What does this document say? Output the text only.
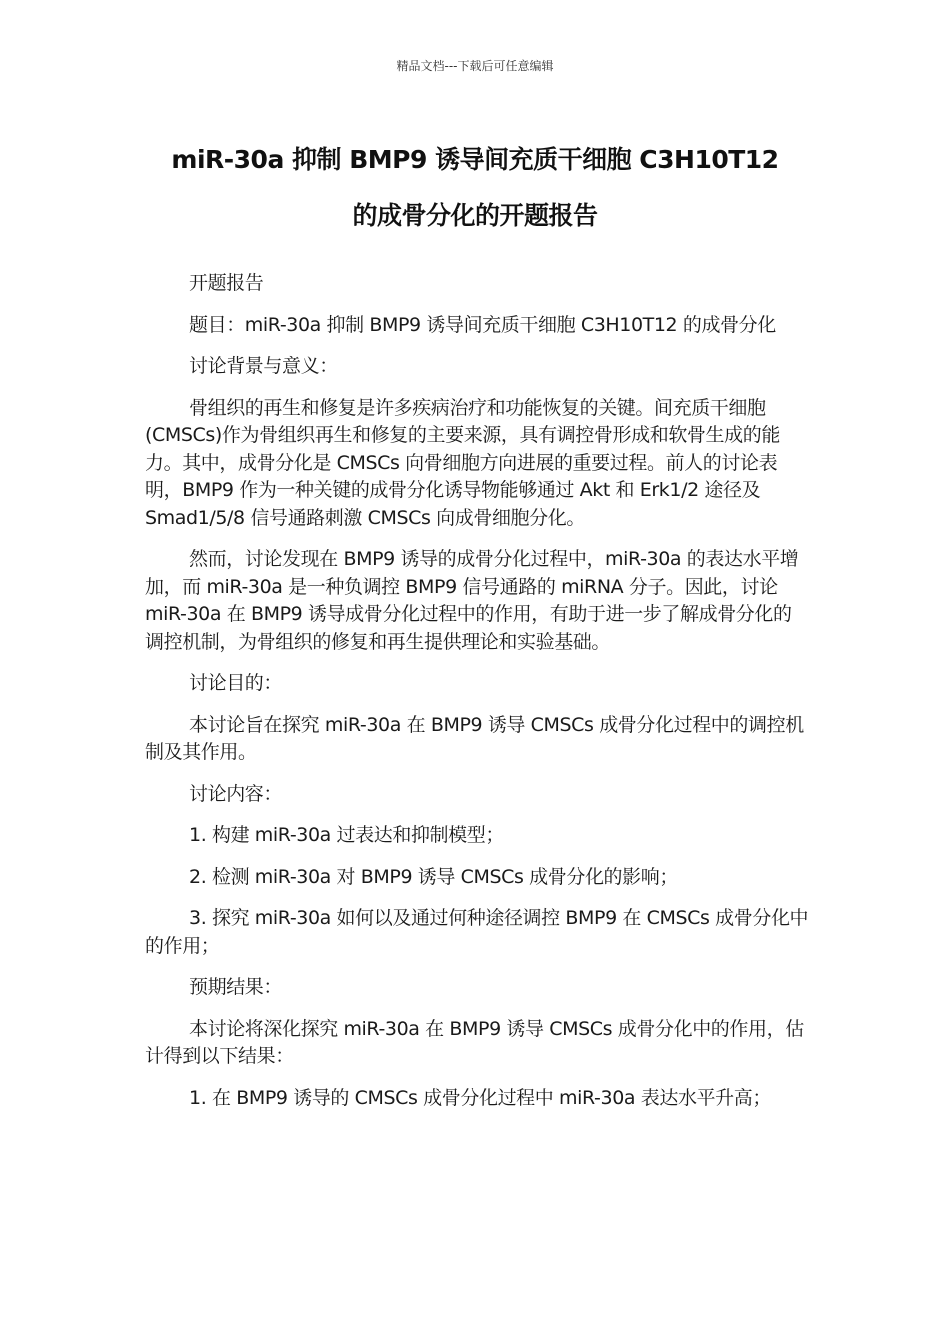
精品文档---下载后可任意编辑
miR-30a 抑制 BMP9 诱导间充质干细胞 C3H10T12
的成骨分化的开题报告

开题报告

题目：miR-30a 抑制 BMP9 诱导间充质干细胞 C3H10T12 的成骨分化

讨论背景与意义：

骨组织的再生和修复是许多疾病治疗和功能恢复的关键。间充质干细胞(CMSCs)作为骨组织再生和修复的主要来源，具有调控骨形成和软骨生成的能力。其中，成骨分化是 CMSCs 向骨细胞方向进展的重要过程。前人的讨论表明，BMP9 作为一种关键的成骨分化诱导物能够通过 Akt 和 Erk1/2 途径及 Smad1/5/8 信号通路刺激 CMSCs 向成骨细胞分化。

然而，讨论发现在 BMP9 诱导的成骨分化过程中，miR-30a 的表达水平增加，而 miR-30a 是一种负调控 BMP9 信号通路的 miRNA 分子。因此，讨论 miR-30a 在 BMP9 诱导成骨分化过程中的作用，有助于进一步了解成骨分化的调控机制，为骨组织的修复和再生提供理论和实验基础。

讨论目的：

本讨论旨在探究 miR-30a 在 BMP9 诱导 CMSCs 成骨分化过程中的调控机制及其作用。

讨论内容：

1. 构建 miR-30a 过表达和抑制模型；

2. 检测 miR-30a 对 BMP9 诱导 CMSCs 成骨分化的影响；

3. 探究 miR-30a 如何以及通过何种途径调控 BMP9 在 CMSCs 成骨分化中的作用；

预期结果：

本讨论将深化探究 miR-30a 在 BMP9 诱导 CMSCs 成骨分化中的作用，估计得到以下结果：

1. 在 BMP9 诱导的 CMSCs 成骨分化过程中 miR-30a 表达水平升高；
